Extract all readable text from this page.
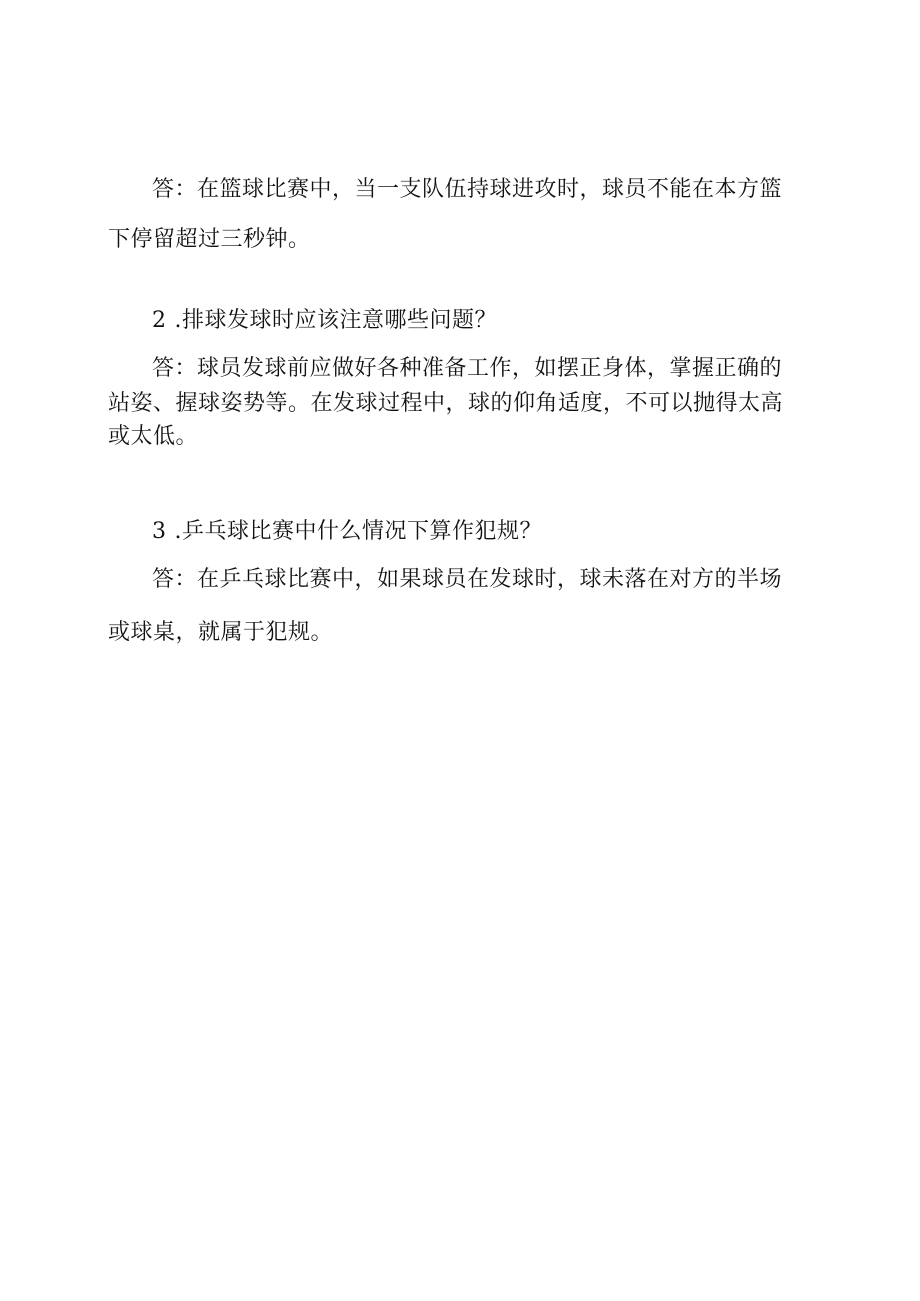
答：在篮球比赛中，当一支队伍持球进攻时，球员不能在本方篮
下停留超过三秒钟。
2 .排球发球时应该注意哪些问题？
答：球员发球前应做好各种准备工作，如摆正身体，掌握正确的
站姿、握球姿势等。在发球过程中，球的仰角适度，不可以抛得太高
或太低。
3 .乒乓球比赛中什么情况下算作犯规？
答：在乒乓球比赛中，如果球员在发球时，球未落在对方的半场
或球桌，就属于犯规。
